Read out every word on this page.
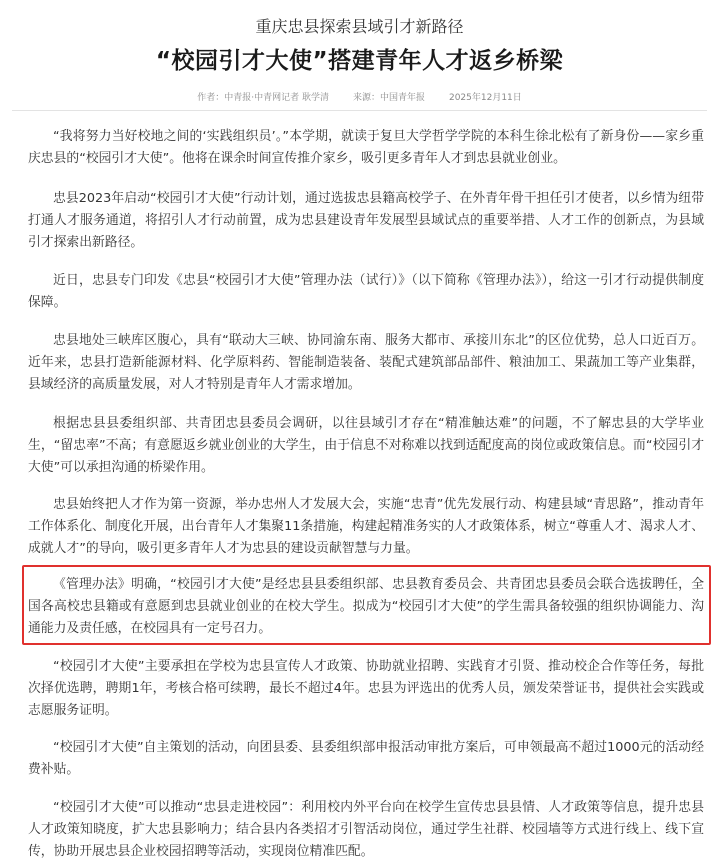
重庆忠县探索县域引才新路径
“校园引才大使”搭建青年人才返乡桥梁
作者：中青报·中青网记者 耿学清	来源：中国青年报	2025年12月11日

“我将努力当好校地之间的‘实践组织员’。”本学期，就读于复旦大学哲学学院的本科生徐北松有了新身份——家乡重庆忠县的“校园引才大使”。他将在课余时间宣传推介家乡，吸引更多青年人才到忠县就业创业。

忠县2023年启动“校园引才大使”行动计划，通过选拔忠县籍高校学子、在外青年骨干担任引才使者，以乡情为纽带打通人才服务通道，将招引人才行动前置，成为忠县建设青年发展型县域试点的重要举措、人才工作的创新点，为县域引才探索出新路径。

近日，忠县专门印发《忠县“校园引才大使”管理办法（试行）》（以下简称《管理办法》），给这一引才行动提供制度保障。

忠县地处三峡库区腹心，具有“联动大三峡、协同渝东南、服务大都市、承接川东北”的区位优势，总人口近百万。近年来，忠县打造新能源材料、化学原料药、智能制造装备、装配式建筑部品部件、粮油加工、果蔬加工等产业集群，县域经济的高质量发展，对人才特别是青年人才需求增加。

根据忠县县委组织部、共青团忠县委员会调研，以往县域引才存在“精准触达难”的问题，不了解忠县的大学毕业生，“留忠率”不高；有意愿返乡就业创业的大学生，由于信息不对称难以找到适配度高的岗位或政策信息。而“校园引才大使”可以承担沟通的桥梁作用。

忠县始终把人才作为第一资源，举办忠州人才发展大会，实施“忠青”优先发展行动、构建县域“青思路”，推动青年工作体系化、制度化开展，出台青年人才集聚11条措施，构建起精准务实的人才政策体系，树立“尊重人才、渴求人才、成就人才”的导向，吸引更多青年人才为忠县的建设贡献智慧与力量。

《管理办法》明确，“校园引才大使”是经忠县县委组织部、忠县教育委员会、共青团忠县委员会联合选拔聘任，全国各高校忠县籍或有意愿到忠县就业创业的在校大学生。拟成为“校园引才大使”的学生需具备较强的组织协调能力、沟通能力及责任感，在校园具有一定号召力。

“校园引才大使”主要承担在学校为忠县宣传人才政策、协助就业招聘、实践育才引贤、推动校企合作等任务，每批次择优选聘，聘期1年，考核合格可续聘，最长不超过4年。忠县为评选出的优秀人员，颁发荣誉证书，提供社会实践或志愿服务证明。

“校园引才大使”自主策划的活动，向团县委、县委组织部申报活动审批方案后，可申领最高不超过1000元的活动经费补贴。

“校园引才大使”可以推动“忠县走进校园”：利用校内外平台向在校学生宣传忠县县情、人才政策等信息，提升忠县人才政策知晓度，扩大忠县影响力；结合县内各类招才引智活动岗位，通过学生社群、校园墙等方式进行线上、线下宣传，协助开展忠县企业校园招聘等活动，实现岗位精准匹配。
